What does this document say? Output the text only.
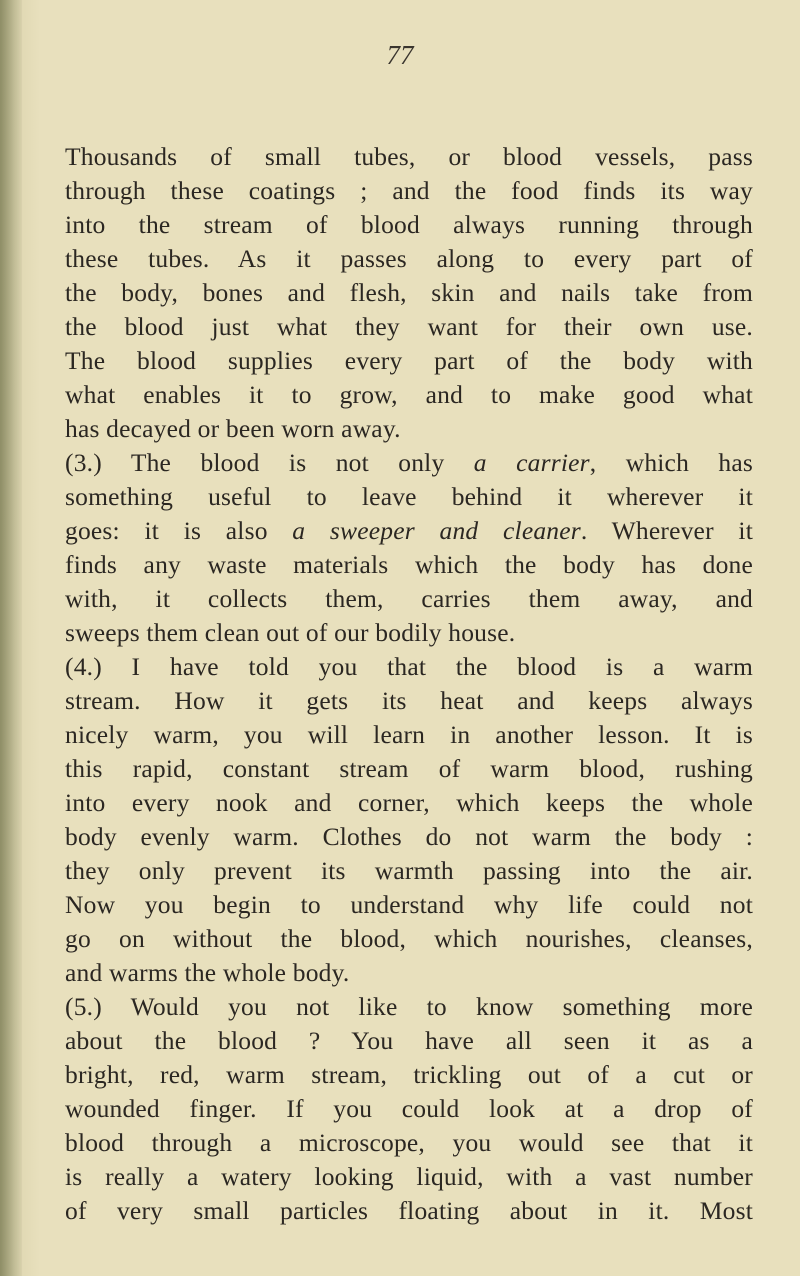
77
Thousands of small tubes, or blood vessels, pass
through these coatings ; and the food finds its way
into the stream of blood always running through
these tubes. As it passes along to every part of
the body, bones and flesh, skin and nails take from
the blood just what they want for their own use.
The blood supplies every part of the body with
what enables it to grow, and to make good what
has decayed or been worn away.
(3.) The blood is not only a carrier, which has
something useful to leave behind it wherever it
goes: it is also a sweeper and cleaner. Wherever it
finds any waste materials which the body has done
with, it collects them, carries them away, and
sweeps them clean out of our bodily house.
(4.) I have told you that the blood is a warm
stream. How it gets its heat and keeps always
nicely warm, you will learn in another lesson. It is
this rapid, constant stream of warm blood, rushing
into every nook and corner, which keeps the whole
body evenly warm. Clothes do not warm the body :
they only prevent its warmth passing into the air.
Now you begin to understand why life could not
go on without the blood, which nourishes, cleanses,
and warms the whole body.
(5.) Would you not like to know something more
about the blood ? You have all seen it as a
bright, red, warm stream, trickling out of a cut or
wounded finger. If you could look at a drop of
blood through a microscope, you would see that it
is really a watery looking liquid, with a vast number
of very small particles floating about in it. Most
